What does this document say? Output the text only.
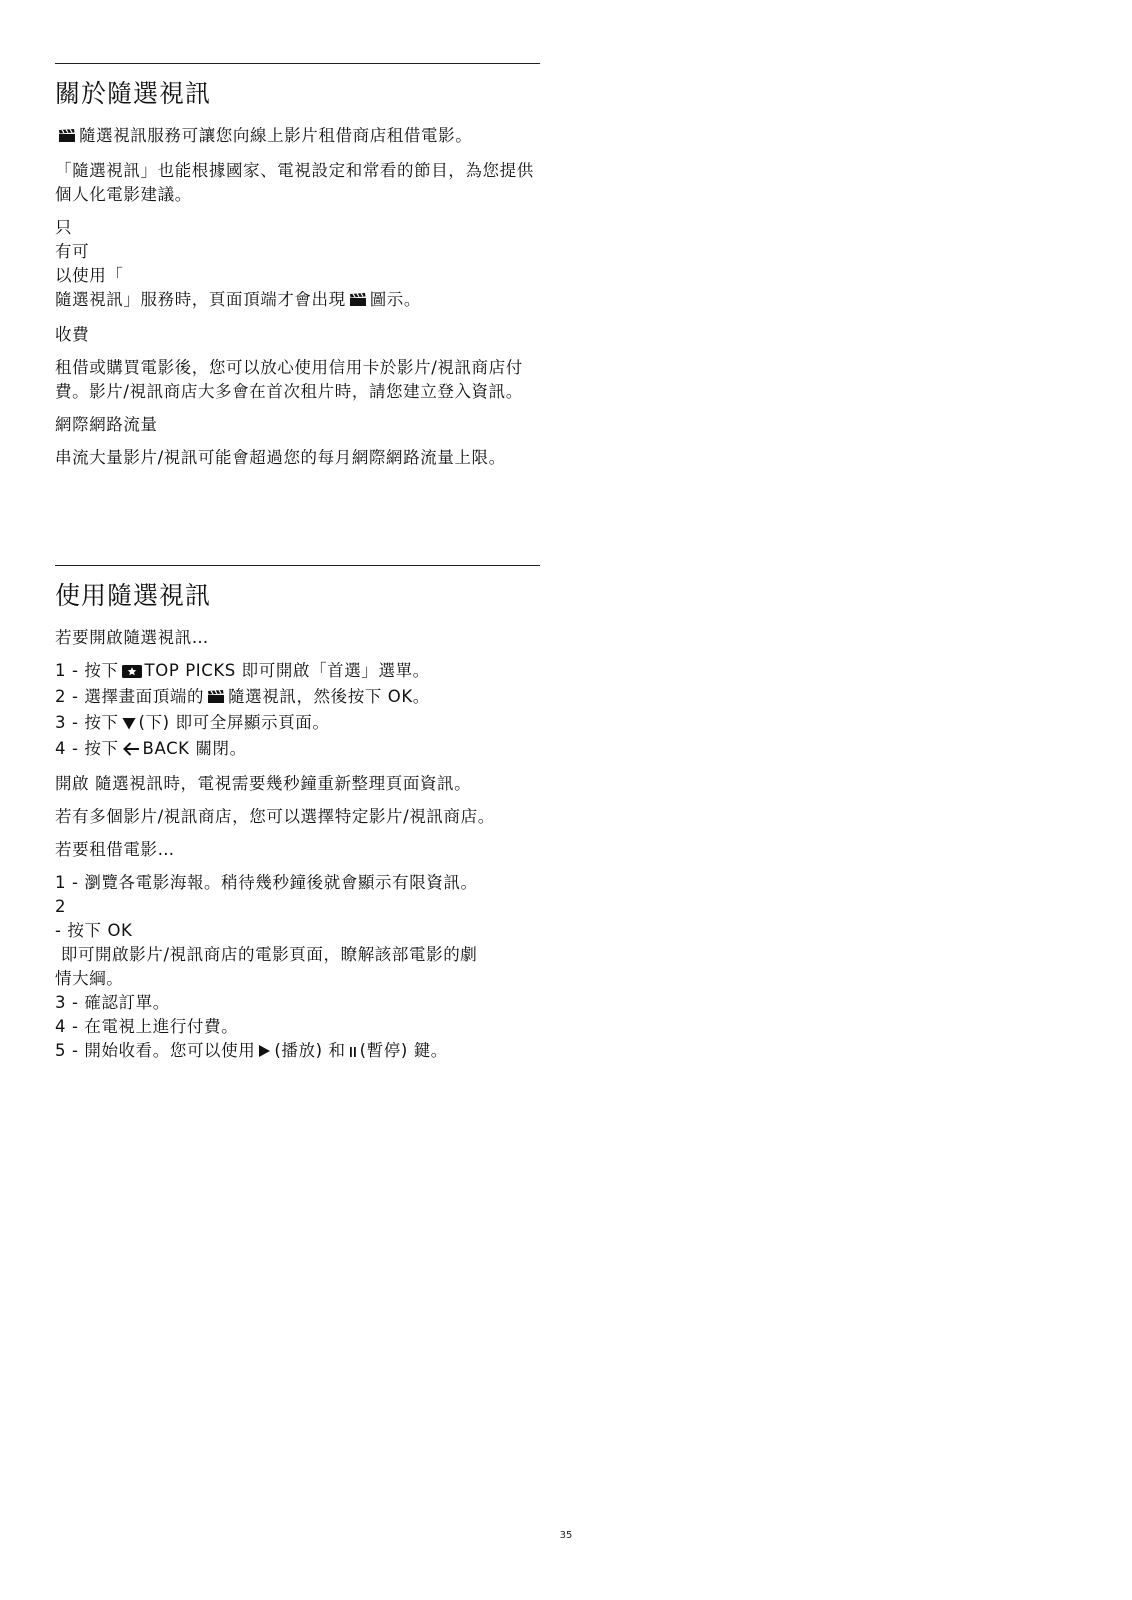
關於隨選視訊

隨選視訊服務可讓您向線上影片租借商店租借電影。

「隨選視訊」也能根據國家、電視設定和常看的節目，為您提供個人化電影建議。

只
有可
以使用「
隨選視訊」服務時，頁面頂端才會出現 圖示。

收費

租借或購買電影後，您可以放心使用信用卡於影片/視訊商店付費。影片/視訊商店大多會在首次租片時，請您建立登入資訊。

網際網路流量

串流大量影片/視訊可能會超過您的每月網際網路流量上限。

使用隨選視訊

若要開啟隨選視訊…

1 - 按下 TOP PICKS 即可開啟「首選」選單。
2 - 選擇畫面頂端的 隨選視訊，然後按下 OK。
3 - 按下 (下) 即可全屏顯示頁面。
4 - 按下 BACK 關閉。

開啟 隨選視訊時，電視需要幾秒鐘重新整理頁面資訊。

若有多個影片/視訊商店，您可以選擇特定影片/視訊商店。

若要租借電影…

1 - 瀏覽各電影海報。稍待幾秒鐘後就會顯示有限資訊。
2
- 按下 OK
即可開啟影片/視訊商店的電影頁面，瞭解該部電影的劇
情大綱。
3 - 確認訂單。
4 - 在電視上進行付費。
5 - 開始收看。您可以使用 (播放) 和 (暫停) 鍵。
35
